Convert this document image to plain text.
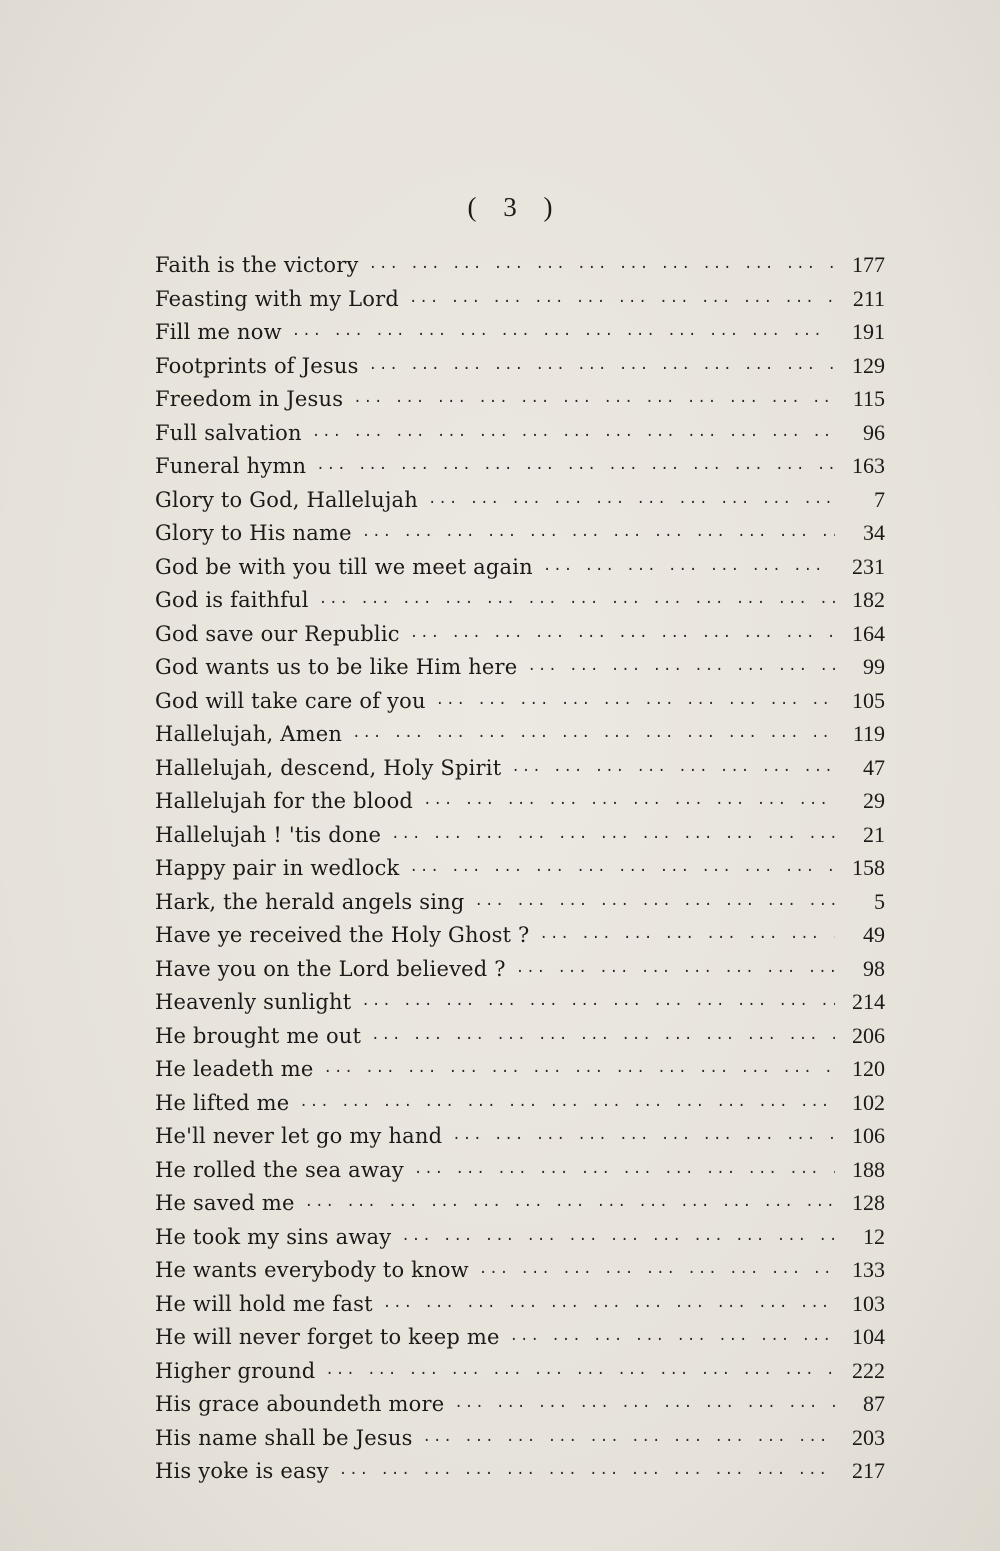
( 3 )
Faith is the victory ···	177
Feasting with my Lord ···	211
Fill me now ···	191
Footprints of Jesus ···	129
Freedom in Jesus ···	115
Full salvation ···	96
Funeral hymn ···	163
Glory to God, Hallelujah ···	7
Glory to His name ···	34
God be with you till we meet again ···	231
God is faithful ···	182
God save our Republic ···	164
God wants us to be like Him here ···	99
God will take care of you ···	105
Hallelujah, Amen ···	119
Hallelujah, descend, Holy Spirit ···	47
Hallelujah for the blood ···	29
Hallelujah ! 'tis done ···	21
Happy pair in wedlock ···	158
Hark, the herald angels sing ···	5
Have ye received the Holy Ghost ? ···	49
Have you on the Lord believed ? ···	98
Heavenly sunlight ···	214
He brought me out ···	206
He leadeth me ···	120
He lifted me ···	102
He'll never let go my hand ···	106
He rolled the sea away ···	188
He saved me ···	128
He took my sins away ···	12
He wants everybody to know ···	133
He will hold me fast ···	103
He will never forget to keep me ···	104
Higher ground ···	222
His grace aboundeth more ···	87
His name shall be Jesus ···	203
His yoke is easy ···	217
